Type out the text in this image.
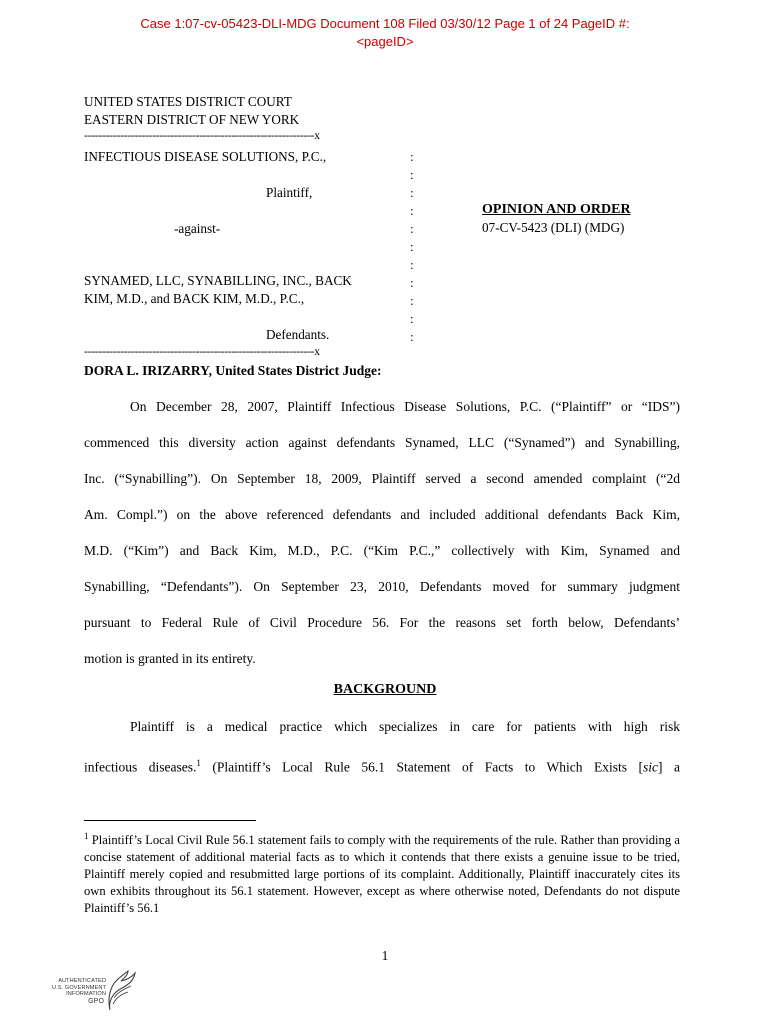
Case 1:07-cv-05423-DLI-MDG Document 108 Filed 03/30/12 Page 1 of 24 PageID #:
<pageID>
UNITED STATES DISTRICT COURT
EASTERN DISTRICT OF NEW YORK
----------------------------------------------------------------x
INFECTIOUS DISEASE SOLUTIONS, P.C.,
Plaintiff,
-against-
SYNAMED, LLC, SYNABILLING, INC., BACK
KIM, M.D., and BACK KIM, M.D., P.C.,
Defendants.
----------------------------------------------------------------x
:
:
:
:
:
:
:
:
:
:
:
OPINION AND ORDER
07-CV-5423 (DLI) (MDG)
DORA L. IRIZARRY, United States District Judge:
On December 28, 2007, Plaintiff Infectious Disease Solutions, P.C. (“Plaintiff” or “IDS”)
commenced this diversity action against defendants Synamed, LLC (“Synamed”) and Synabilling,
Inc. (“Synabilling”). On September 18, 2009, Plaintiff served a second amended complaint (“2d
Am. Compl.”) on the above referenced defendants and included additional defendants Back Kim,
M.D. (“Kim”) and Back Kim, M.D., P.C. (“Kim P.C.,” collectively with Kim, Synamed and
Synabilling, “Defendants”). On September 23, 2010, Defendants moved for summary judgment
pursuant to Federal Rule of Civil Procedure 56. For the reasons set forth below, Defendants’
motion is granted in its entirety.
BACKGROUND
Plaintiff is a medical practice which specializes in care for patients with high risk
infectious diseases.$^1$ (Plaintiff’s Local Rule 56.1 Statement of Facts to Which Exists [sic] a
$^1$ Plaintiff’s Local Civil Rule 56.1 statement fails to comply with the requirements of the rule. Rather than providing a concise statement of additional material facts as to which it contends that there exists a genuine issue to be tried, Plaintiff merely copied and resubmitted large portions of its complaint. Additionally, Plaintiff inaccurately cites its own exhibits throughout its 56.1 statement. However, except as where otherwise noted, Defendants do not dispute Plaintiff’s 56.1
1
AUTHENTICATED
U.S. GOVERNMENT
INFORMATION
GPO
